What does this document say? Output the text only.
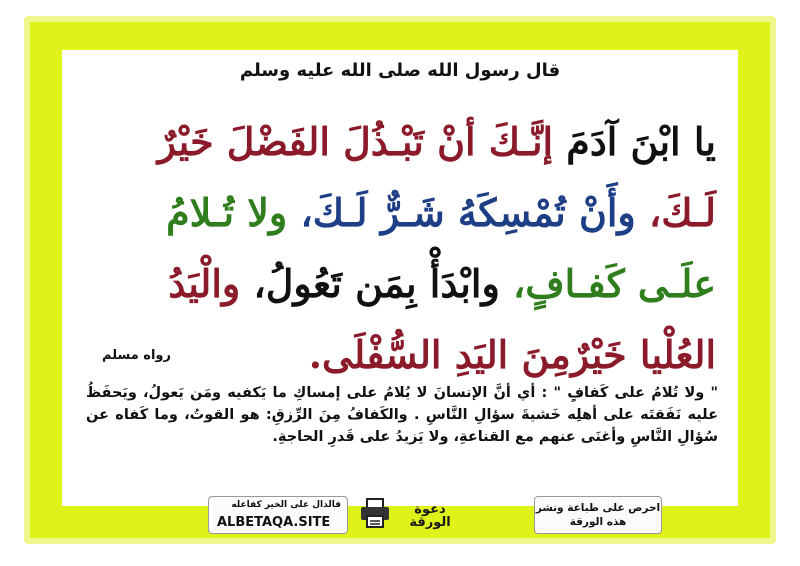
قال رسول الله صلى الله عليه وسلم
يا ابْنَ آدَمَ إنَّـكَ أنْ تَبْـذُلَ الفَضْلَ خَيْرٌ
لَـكَ، وأَنْ تُمْسِكَهُ شَـرٌّ لَـكَ، ولا تُـلامُ
علَـى كَفـافٍ، وابْدَأْ بِمَن تَعُولُ، والْيَدُ
العُلْيا خَيْرٌمِنَ اليَدِ السُّفْلَى.
رواه مسلم
" ولا تُلامُ على كَفافٍ " : أي أنَّ الإنسانَ لا يُلامُ على إمساكِ ما يَكفيه ومَن يَعولُ، ويَحفَظُ عليه نَفَقتَه على أهلِه خَشيةَ سؤالِ النَّاسِ . والكَفافُ مِنَ الرِّزقِ: هو القوتُ، وما كَفاه عن سُؤالِ النَّاسِ وأغنَى عنهم مع القناعةِ، ولا يَزيدُ على قَدرِ الحاجةِ.
فالدال على الخير كفاعله
ALBETAQA.SITE
دعوة الورقة
احرص على طباعة ونشر هذه الورقة
